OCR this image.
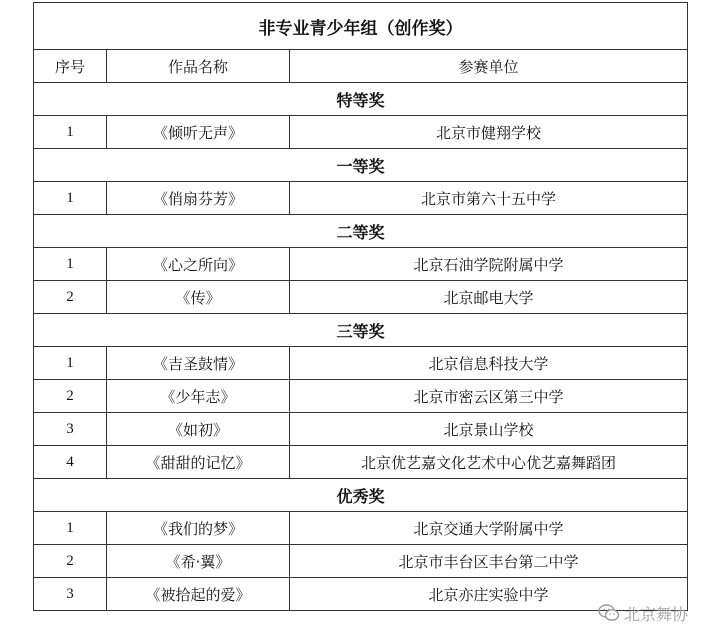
非专业青少年组（创作奖）		
序号	作品名称	参赛单位
特等奖		
1	《倾听无声》	北京市健翔学校
一等奖		
1	《俏扇芬芳》	北京市第六十五中学
二等奖		
1	《心之所向》	北京石油学院附属中学
2	《传》	北京邮电大学
三等奖		
1	《吉圣鼓情》	北京信息科技大学
2	《少年志》	北京市密云区第三中学
3	《如初》	北京景山学校
4	《甜甜的记忆》	北京优艺嘉文化艺术中心优艺嘉舞蹈团
优秀奖		
1	《我们的梦》	北京交通大学附属中学
2	《希·翼》	北京市丰台区丰台第二中学
3	《被拾起的爱》	北京亦庄实验中学
北京舞协
